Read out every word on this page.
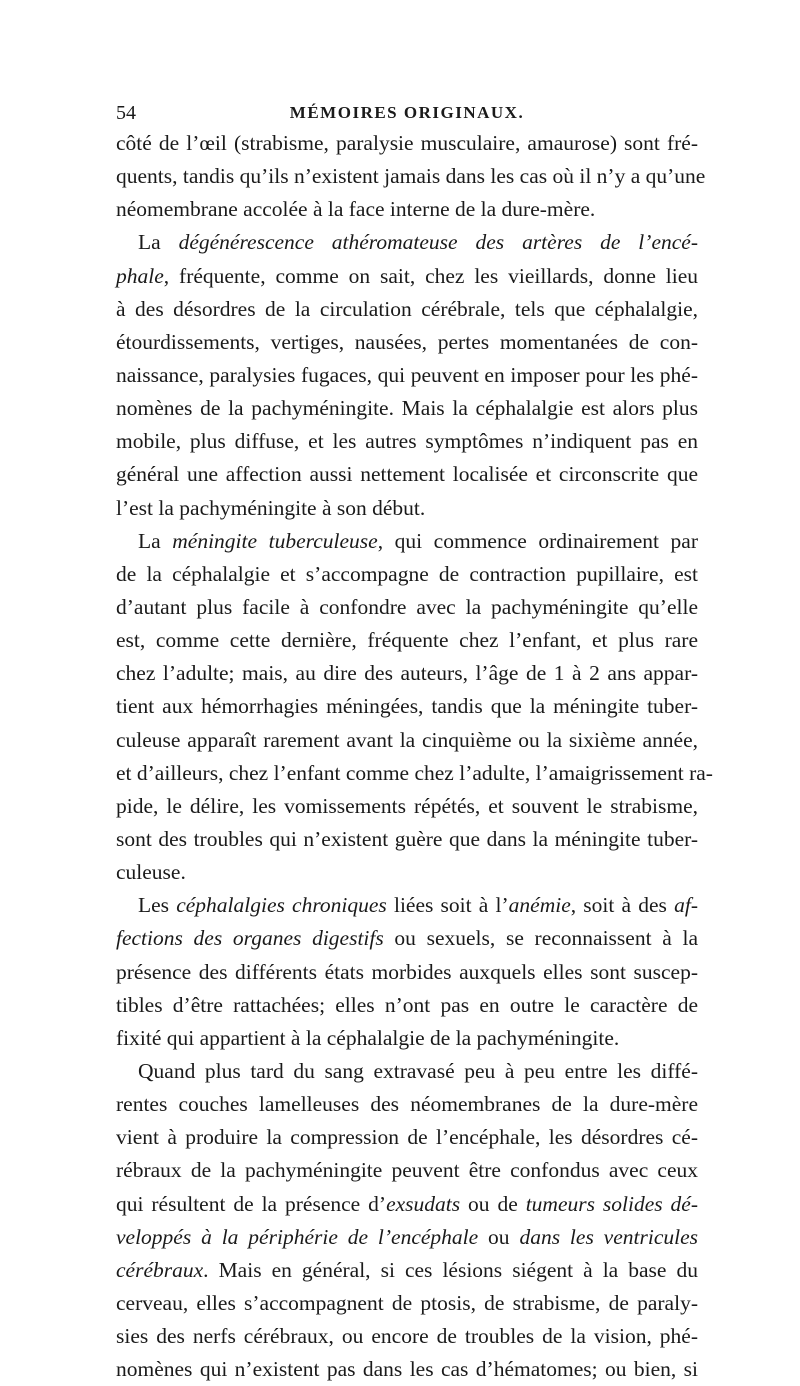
54	MÉMOIRES ORIGINAUX.
côté de l’œil (strabisme, paralysie musculaire, amaurose) sont fré-
quents, tandis qu’ils n’existent jamais dans les cas où il n’y a qu’une
néomembrane accolée à la face interne de la dure-mère.
La dégénérescence athéromateuse des artères de l’encé-
phale, fréquente, comme on sait, chez les vieillards, donne lieu
à des désordres de la circulation cérébrale, tels que céphalalgie,
étourdissements, vertiges, nausées, pertes momentanées de con-
naissance, paralysies fugaces, qui peuvent en imposer pour les phé-
nomènes de la pachyméningite. Mais la céphalalgie est alors plus
mobile, plus diffuse, et les autres symptômes n’indiquent pas en
général une affection aussi nettement localisée et circonscrite que
l’est la pachyméningite à son début.
La méningite tuberculeuse, qui commence ordinairement par
de la céphalalgie et s’accompagne de contraction pupillaire, est
d’autant plus facile à confondre avec la pachyméningite qu’elle
est, comme cette dernière, fréquente chez l’enfant, et plus rare
chez l’adulte; mais, au dire des auteurs, l’âge de 1 à 2 ans appar-
tient aux hémorrhagies méningées, tandis que la méningite tuber-
culeuse apparaît rarement avant la cinquième ou la sixième année,
et d’ailleurs, chez l’enfant comme chez l’adulte, l’amaigrissement ra-
pide, le délire, les vomissements répétés, et souvent le strabisme,
sont des troubles qui n’existent guère que dans la méningite tuber-
culeuse.
Les céphalalgies chroniques liées soit à l’anémie, soit à des af-
fections des organes digestifs ou sexuels, se reconnaissent à la
présence des différents états morbides auxquels elles sont suscep-
tibles d’être rattachées; elles n’ont pas en outre le caractère de
fixité qui appartient à la céphalalgie de la pachyméningite.
Quand plus tard du sang extravasé peu à peu entre les diffé-
rentes couches lamelleuses des néomembranes de la dure-mère
vient à produire la compression de l’encéphale, les désordres cé-
rébraux de la pachyméningite peuvent être confondus avec ceux
qui résultent de la présence d’exsudats ou de tumeurs solides dé-
veloppés à la périphérie de l’encéphale ou dans les ventricules
cérébraux. Mais en général, si ces lésions siégent à la base du
cerveau, elles s’accompagnent de ptosis, de strabisme, de paraly-
sies des nerfs cérébraux, ou encore de troubles de la vision, phé-
nomènes qui n’existent pas dans les cas d’hématomes; ou bien, si
